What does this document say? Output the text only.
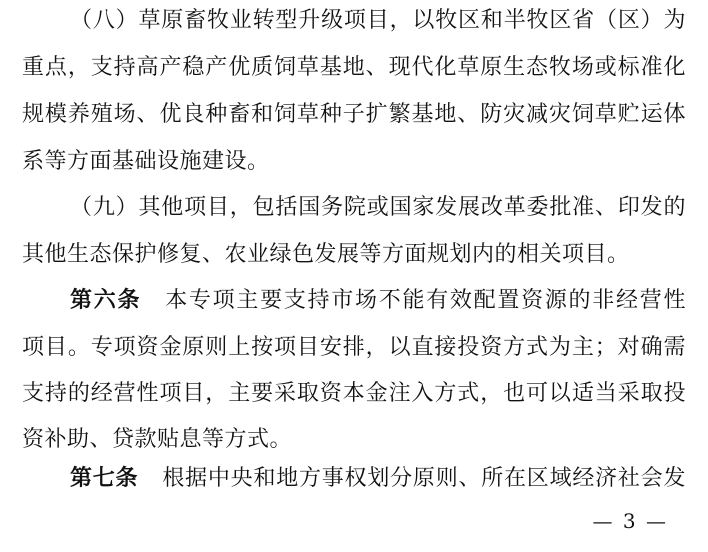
（八）草原畜牧业转型升级项目，以牧区和半牧区省（区）为
重点，支持高产稳产优质饲草基地、现代化草原生态牧场或标准化
规模养殖场、优良种畜和饲草种子扩繁基地、防灾减灾饲草贮运体
系等方面基础设施建设。
（九）其他项目，包括国务院或国家发展改革委批准、印发的
其他生态保护修复、农业绿色发展等方面规划内的相关项目。
第六条 本专项主要支持市场不能有效配置资源的非经营性
项目。专项资金原则上按项目安排，以直接投资方式为主；对确需
支持的经营性项目，主要采取资本金注入方式，也可以适当采取投
资补助、贷款贴息等方式。
第七条 根据中央和地方事权划分原则、所在区域经济社会发
— 3 —
